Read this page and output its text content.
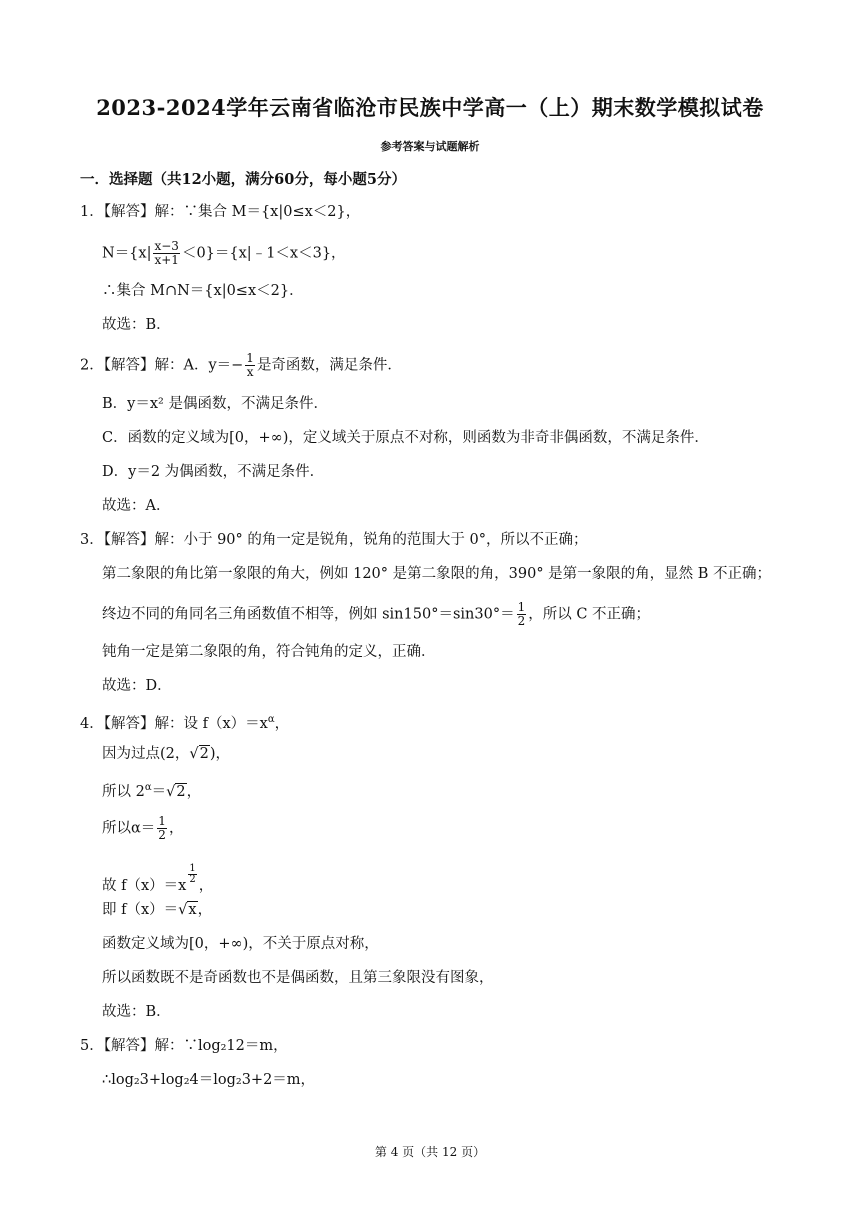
2023-2024学年云南省临沧市民族中学高一（上）期末数学模拟试卷
参考答案与试题解析
一．选择题（共12小题，满分60分，每小题5分）
1．【解答】解：∵集合 M＝{x|0≤x＜2}，
$N=\{x| \frac{x-3}{x+1}$ ＜0}＝{x|﹣1＜x＜3}，
∴集合 M∩N＝{x|0≤x＜2}．
故选：B．
2．【解答】解：A．$y=- \frac{1}{x}$ 是奇函数，满足条件．
B．y＝x² 是偶函数，不满足条件．
C．函数的定义域为[0，+∞)，定义域关于原点不对称，则函数为非奇非偶函数，不满足条件．
D．y＝2 为偶函数，不满足条件．
故选：A．
3．【解答】解：小于 90° 的角一定是锐角，锐角的范围大于 0°，所以不正确；
第二象限的角比第一象限的角大，例如 120° 是第二象限的角，390° 是第一象限的角，显然 B 不正确；
终边不同的角同名三角函数值不相等，例如 $\sin 150^\circ=\sin 30^\circ= \frac{1}{2}$ ，所以 C 不正确；
钝角一定是第二象限的角，符合钝角的定义，正确．
故选：D．
4．【解答】解：设 $f(x)=x^\alpha$，
因为过点(2，√2)，
所以 $2^\alpha=√2$，
所以$\alpha= \frac{1}{2}$ ，
故 f（x）＝x
$\frac{1}{2}$
，
即 f（x）＝√x，
函数定义域为[0，+∞)，不关于原点对称，
所以函数既不是奇函数也不是偶函数，且第三象限没有图象，
故选：B．
5．【解答】解：∵log₂12＝m，
∴log₂3+log₂4＝log₂3+2＝m，
第 4 页（共 12 页）
